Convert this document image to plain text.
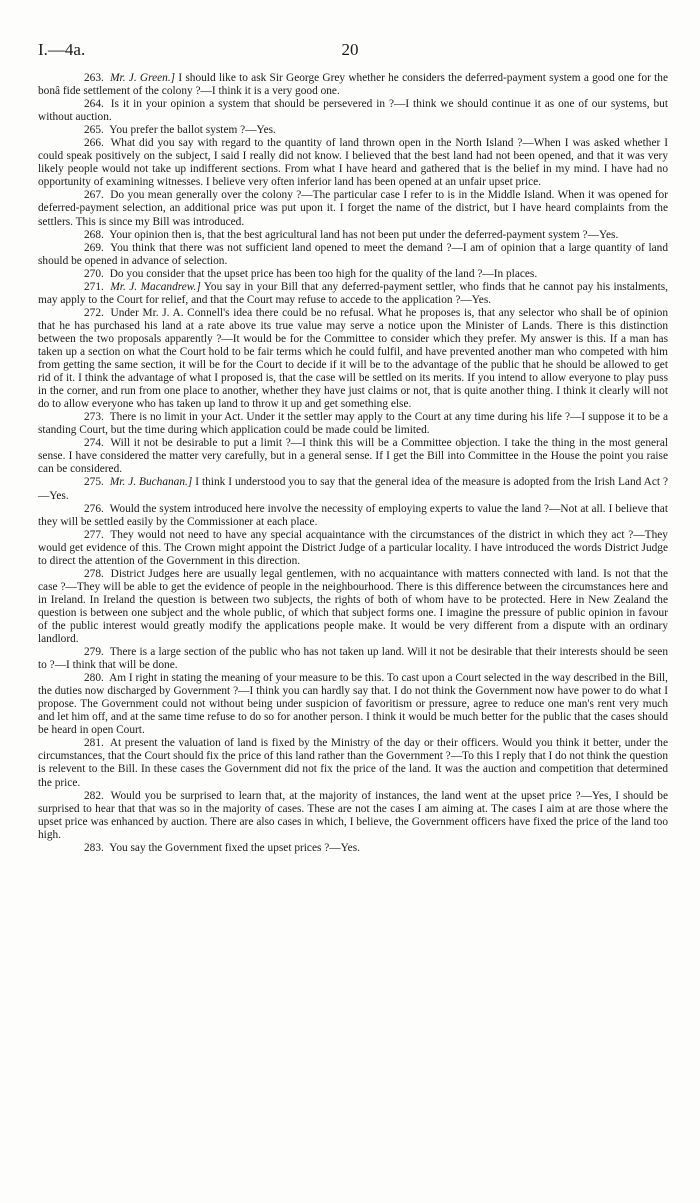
I.—4a.	20

263. Mr. J. Green.] I should like to ask Sir George Grey whether he considers the deferred-payment system a good one for the bonâ fide settlement of the colony ?—I think it is a very good one.

264. Is it in your opinion a system that should be persevered in ?—I think we should continue it as one of our systems, but without auction.

265. You prefer the ballot system ?—Yes.

266. What did you say with regard to the quantity of land thrown open in the North Island ?—When I was asked whether I could speak positively on the subject, I said I really did not know. I believed that the best land had not been opened, and that it was very likely people would not take up indifferent sections. From what I have heard and gathered that is the belief in my mind. I have had no opportunity of examining witnesses. I believe very often inferior land has been opened at an unfair upset price.

267. Do you mean generally over the colony ?—The particular case I refer to is in the Middle Island. When it was opened for deferred-payment selection, an additional price was put upon it. I forget the name of the district, but I have heard complaints from the settlers. This is since my Bill was introduced.

268. Your opinion then is, that the best agricultural land has not been put under the deferred-payment system ?—Yes.

269. You think that there was not sufficient land opened to meet the demand ?—I am of opinion that a large quantity of land should be opened in advance of selection.

270. Do you consider that the upset price has been too high for the quality of the land ?—In places.

271. Mr. J. Macandrew.] You say in your Bill that any deferred-payment settler, who finds that he cannot pay his instalments, may apply to the Court for relief, and that the Court may refuse to accede to the application ?—Yes.

272. Under Mr. J. A. Connell's idea there could be no refusal. What he proposes is, that any selector who shall be of opinion that he has purchased his land at a rate above its true value may serve a notice upon the Minister of Lands. There is this distinction between the two proposals apparently ?—It would be for the Committee to consider which they prefer. My answer is this. If a man has taken up a section on what the Court hold to be fair terms which he could fulfil, and have prevented another man who competed with him from getting the same section, it will be for the Court to decide if it will be to the advantage of the public that he should be allowed to get rid of it. I think the advantage of what I proposed is, that the case will be settled on its merits. If you intend to allow everyone to play puss in the corner, and run from one place to another, whether they have just claims or not, that is quite another thing. I think it clearly will not do to allow everyone who has taken up land to throw it up and get something else.

273. There is no limit in your Act. Under it the settler may apply to the Court at any time during his life ?—I suppose it to be a standing Court, but the time during which application could be made could be limited.

274. Will it not be desirable to put a limit ?—I think this will be a Committee objection. I take the thing in the most general sense. I have considered the matter very carefully, but in a general sense. If I get the Bill into Committee in the House the point you raise can be considered.

275. Mr. J. Buchanan.] I think I understood you to say that the general idea of the measure is adopted from the Irish Land Act ?—Yes.

276. Would the system introduced here involve the necessity of employing experts to value the land ?—Not at all. I believe that they will be settled easily by the Commissioner at each place.

277. They would not need to have any special acquaintance with the circumstances of the district in which they act ?—They would get evidence of this. The Crown might appoint the District Judge of a particular locality. I have introduced the words District Judge to direct the attention of the Government in this direction.

278. District Judges here are usually legal gentlemen, with no acquaintance with matters connected with land. Is not that the case ?—They will be able to get the evidence of people in the neighbourhood. There is this difference between the circumstances here and in Ireland. In Ireland the question is between two subjects, the rights of both of whom have to be protected. Here in New Zealand the question is between one subject and the whole public, of which that subject forms one. I imagine the pressure of public opinion in favour of the public interest would greatly modify the applications people make. It would be very different from a dispute with an ordinary landlord.

279. There is a large section of the public who has not taken up land. Will it not be desirable that their interests should be seen to ?—I think that will be done.

280. Am I right in stating the meaning of your measure to be this. To cast upon a Court selected in the way described in the Bill, the duties now discharged by Government ?—I think you can hardly say that. I do not think the Government now have power to do what I propose. The Government could not without being under suspicion of favoritism or pressure, agree to reduce one man's rent very much and let him off, and at the same time refuse to do so for another person. I think it would be much better for the public that the cases should be heard in open Court.

281. At present the valuation of land is fixed by the Ministry of the day or their officers. Would you think it better, under the circumstances, that the Court should fix the price of this land rather than the Government ?—To this I reply that I do not think the question is relevent to the Bill. In these cases the Government did not fix the price of the land. It was the auction and competition that determined the price.

282. Would you be surprised to learn that, at the majority of instances, the land went at the upset price ?—Yes, I should be surprised to hear that that was so in the majority of cases. These are not the cases I am aiming at. The cases I aim at are those where the upset price was enhanced by auction. There are also cases in which, I believe, the Government officers have fixed the price of the land too high.

283. You say the Government fixed the upset prices ?—Yes.
